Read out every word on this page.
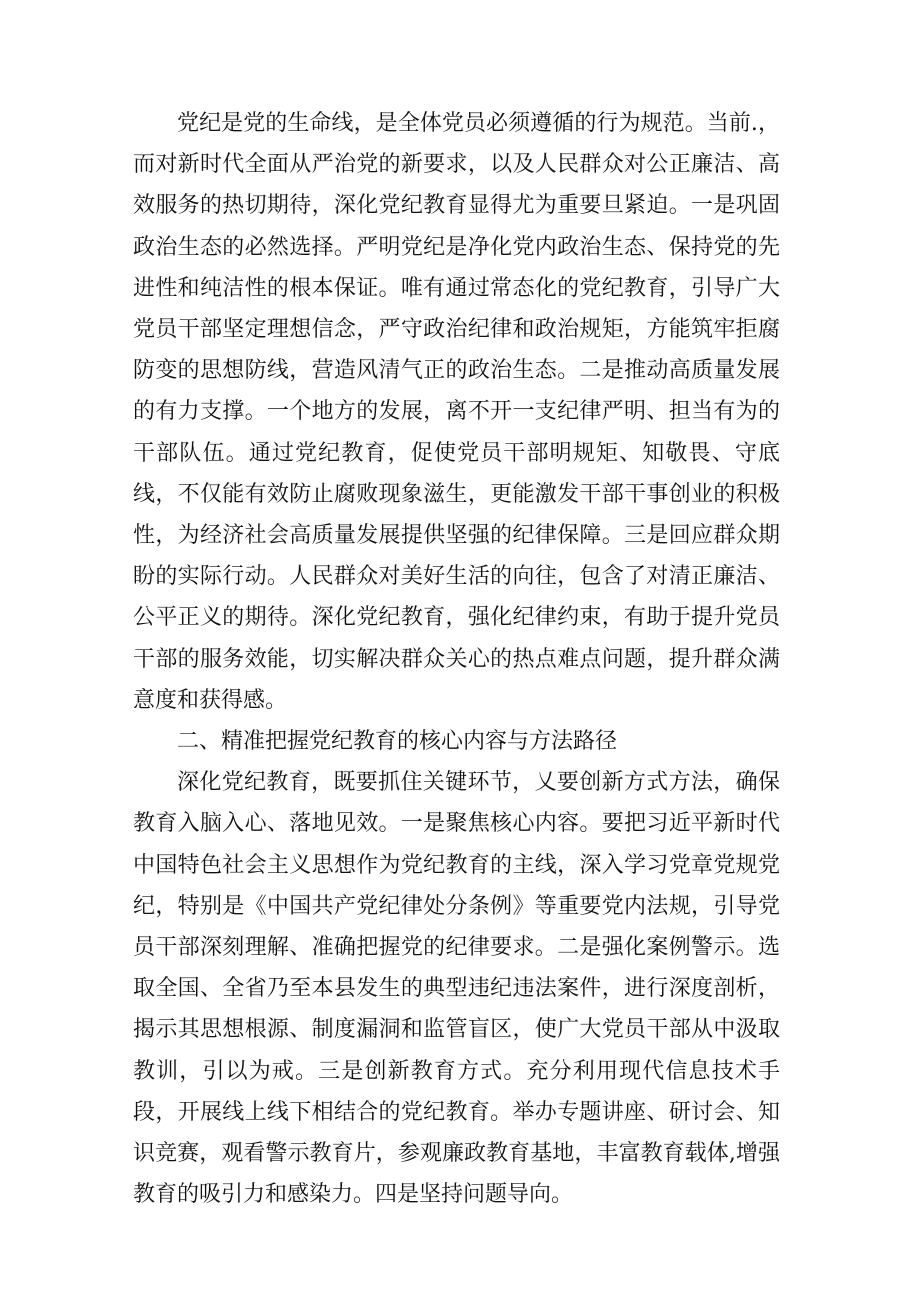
党纪是党的生命线，是全体党员必须遵循的行为规范。当前.，而对新时代全面从严治党的新要求，以及人民群众对公正廉洁、高效服务的热切期待，深化党纪教育显得尤为重要旦紧迫。一是巩固政治生态的必然选择。严明党纪是净化党内政治生态、保持党的先进性和纯洁性的根本保证。唯有通过常态化的党纪教育，引导广大党员干部坚定理想信念，严守政治纪律和政治规矩，方能筑牢拒腐防变的思想防线，营造风清气正的政治生态。二是推动高质量发展的有力支撑。一个地方的发展，离不开一支纪律严明、担当有为的干部队伍。通过党纪教育，促使党员干部明规矩、知敬畏、守底线，不仅能有效防止腐败现象滋生，更能激发干部干事创业的积极性，为经济社会高质量发展提供坚强的纪律保障。三是回应群众期盼的实际行动。人民群众对美好生活的向往，包含了对清正廉洁、公平正义的期待。深化党纪教育，强化纪律约束，有助于提升党员干部的服务效能，切实解决群众关心的热点难点问题，提升群众满意度和获得感。

二、精准把握党纪教育的核心内容与方法路径

深化党纪教育，既要抓住关键环节，乂要创新方式方法，确保教育入脑入心、落地见效。一是聚焦核心内容。要把习近平新时代中国特色社会主义思想作为党纪教育的主线，深入学习党章党规党纪，特别是《中国共产党纪律处分条例》等重要党内法规，引导党员干部深刻理解、准确把握党的纪律要求。二是强化案例警示。选取全国、全省乃至本县发生的典型违纪违法案件，进行深度剖析，揭示其思想根源、制度漏洞和监管盲区，使广大党员干部从中汲取教训，引以为戒。三是创新教育方式。充分利用现代信息技术手段，开展线上线下相结合的党纪教育。举办专题讲座、研讨会、知识竞赛，观看警示教育片，参观廉政教育基地，丰富教育载体,增强教育的吸引力和感染力。四是坚持问题导向。
